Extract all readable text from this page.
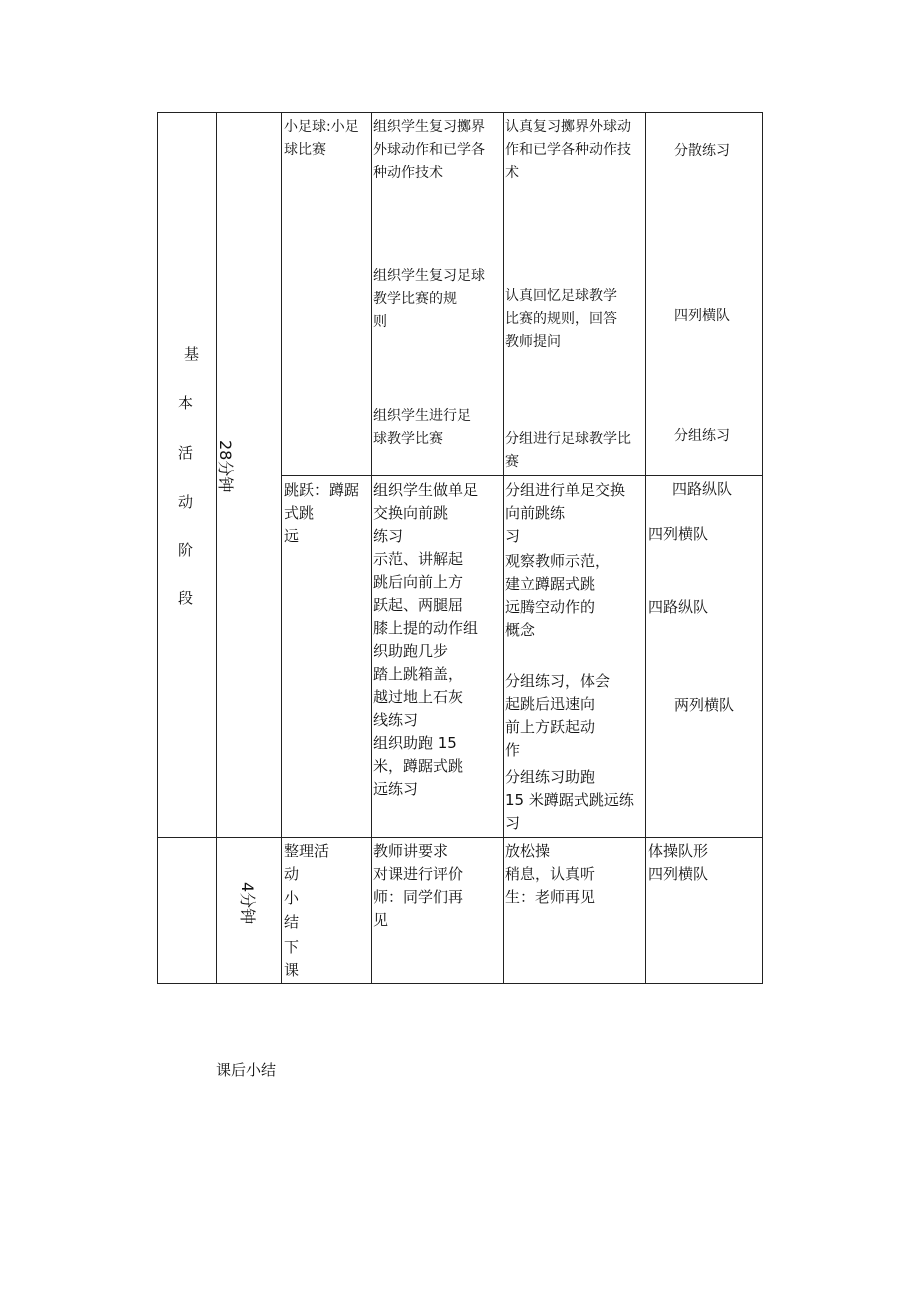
基
本
活
动
阶
段
28分钟
4分钟
小足球:小足
球比赛
组织学生复习擲界
外球动作和已学各
种动作技术
组织学生复习足球
教学比赛的规
则
组织学生进行足
球教学比赛
认真复习擲界外球动
作和已学各种动作技
术
认真回忆足球教学
比赛的规则，回答
教师提问
分组进行足球教学比
赛
分散练习
四列横队
分组练习
跳跃：蹲踞
式跳
远
组织学生做单足
交换向前跳
练习
示范、讲解起
跳后向前上方
跃起、两腿屈
膝上提的动作组
织助跑几步
踏上跳箱盖，
越过地上石灰
线练习
组织助跑 15
米，蹲踞式跳
远练习
分组进行单足交换
向前跳练
习
观察教师示范，
建立蹲踞式跳
远腾空动作的
概念
分组练习，体会
起跳后迅速向
前上方跃起动
作
分组练习助跑
15 米蹲踞式跳远练
习
四路纵队
四列横队
四路纵队
两列横队
整理活
动
小
结
下
课
教师讲要求
对课进行评价
师：同学们再
见
放松操
稍息，认真听
生：老师再见
体操队形
四列横队
课后小结
